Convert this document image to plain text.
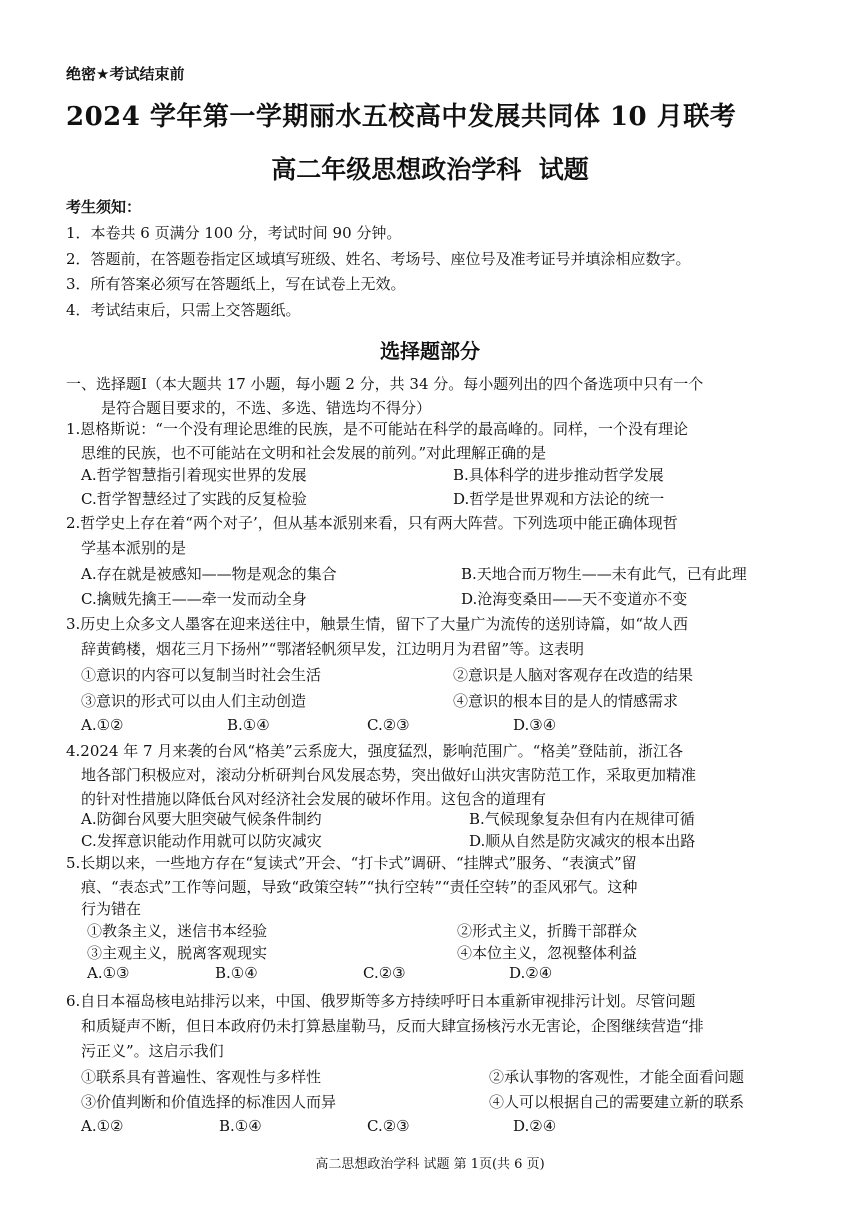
绝密★考试结束前
2024 学年第一学期丽水五校高中发展共同体 10 月联考
高二年级思想政治学科  试题
考生须知：
1．本卷共 6 页满分 100 分，考试时间 90 分钟。
2．答题前，在答题卷指定区域填写班级、姓名、考场号、座位号及准考证号并填涂相应数字。
3．所有答案必须写在答题纸上，写在试卷上无效。
4．考试结束后，只需上交答题纸。
选择题部分
一、选择题Ⅰ（本大题共 17 小题，每小题 2 分，共 34 分。每小题列出的四个备选项中只有一个
是符合题目要求的，不选、多选、错选均不得分）
1.恩格斯说：“一个没有理论思维的民族，是不可能站在科学的最高峰的。同样，一个没有理论
思维的民族，也不可能站在文明和社会发展的前列。”对此理解正确的是
A.哲学智慧指引着现实世界的发展	B.具体科学的进步推动哲学发展
C.哲学智慧经过了实践的反复检验	D.哲学是世界观和方法论的统一
2.哲学史上存在着“两个对子’，但从基本派别来看，只有两大阵营。下列选项中能正确体现哲
学基本派别的是
A.存在就是被感知——物是观念的集合	B.天地合而万物生——未有此气，已有此理
C.擒贼先擒王——牵一发而动全身	D.沧海变桑田——天不变道亦不变
3.历史上众多文人墨客在迎来送往中，触景生情，留下了大量广为流传的送别诗篇，如“故人西
辞黄鹤楼，烟花三月下扬州”“鄂渚轻帆须早发，江边明月为君留”等。这表明
①意识的内容可以复制当时社会生活	②意识是人脑对客观存在改造的结果
③意识的形式可以由人们主动创造	④意识的根本目的是人的情感需求
A.①②	B.①④	C.②③	D.③④
4.2024 年 7 月来袭的台风“格美”云系庞大，强度猛烈，影响范围广。“格美”登陆前，浙江各
地各部门积极应对，滚动分析研判台风发展态势，突出做好山洪灾害防范工作，采取更加精准
的针对性措施以降低台风对经济社会发展的破坏作用。这包含的道理有
A.防御台风要大胆突破气候条件制约	B.气候现象复杂但有内在规律可循
C.发挥意识能动作用就可以防灾减灾	D.顺从自然是防灾减灾的根本出路
5.长期以来，一些地方存在“复读式”开会、“打卡式”调研、“挂牌式”服务、“表演式”留
痕、“表态式”工作等问题，导致“政策空转”“执行空转”“责任空转”的歪风邪气。这种
行为错在
①教条主义，迷信书本经验	②形式主义，折腾干部群众
③主观主义，脱离客观现实	④本位主义，忽视整体利益
A.①③	B.①④	C.②③	D.②④
6.自日本福岛核电站排污以来，中国、俄罗斯等多方持续呼吁日本重新审视排污计划。尽管问题
和质疑声不断，但日本政府仍未打算悬崖勒马，反而大肆宣扬核污水无害论，企图继续营造“排
污正义”。这启示我们
①联系具有普遍性、客观性与多样性	②承认事物的客观性，才能全面看问题
③价值判断和价值选择的标准因人而异	④人可以根据自己的需要建立新的联系
A.①②	B.①④	C.②③	D.②④
高二思想政治学科 试题 第 1页(共 6 页)
